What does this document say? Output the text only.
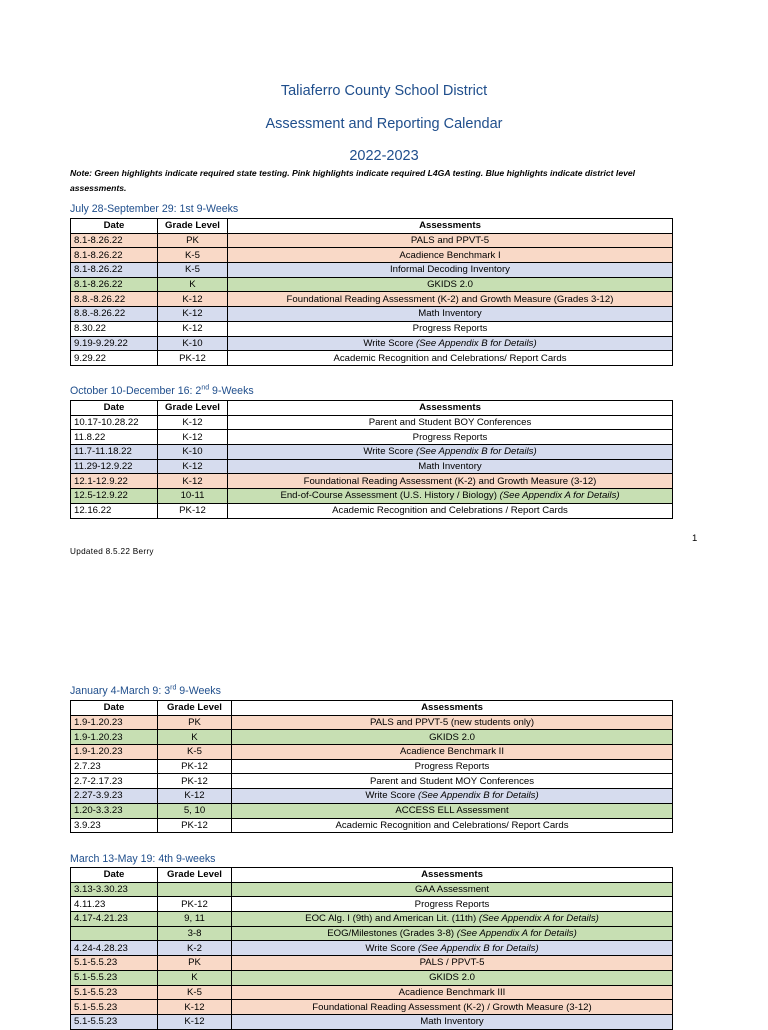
Taliaferro County School District
Assessment and Reporting Calendar
2022-2023
Note: Green highlights indicate required state testing. Pink highlights indicate required L4GA testing. Blue highlights indicate district level assessments.
July 28-September 29: 1st 9-Weeks
October 10-December 16: 2nd 9-Weeks
January 4-March 9: 3rd 9-Weeks
March 13-May 19: 4th 9-weeks
Date	Grade Level	Assessments
8.1-8.26.22	PK	PALS and PPVT-5
8.1-8.26.22	K-5	Acadience Benchmark I
8.1-8.26.22	K-5	Informal Decoding Inventory
8.1-8.26.22	K	GKIDS 2.0
8.8.-8.26.22	K-12	Foundational Reading Assessment (K-2) and Growth Measure (Grades 3-12)
8.8.-8.26.22	K-12	Math Inventory
8.30.22	K-12	Progress Reports
9.19-9.29.22	K-10	Write Score (See Appendix B for Details)
9.29.22	PK-12	Academic Recognition and Celebrations/ Report Cards
Date	Grade Level	Assessments
10.17-10.28.22	K-12	Parent and Student BOY Conferences
11.8.22	K-12	Progress Reports
11.7-11.18.22	K-10	Write Score (See Appendix B for Details)
11.29-12.9.22	K-12	Math Inventory
12.1-12.9.22	K-12	Foundational Reading Assessment (K-2) and Growth Measure (3-12)
12.5-12.9.22	10-11	End-of-Course Assessment (U.S. History / Biology) (See Appendix A for Details)
12.16.22	PK-12	Academic Recognition and Celebrations / Report Cards
Date	Grade Level	Assessments
1.9-1.20.23	PK	PALS and PPVT-5 (new students only)
1.9-1.20.23	K	GKIDS 2.0
1.9-1.20.23	K-5	Acadience Benchmark II
2.7.23	PK-12	Progress Reports
2.7-2.17.23	PK-12	Parent and Student MOY Conferences
2.27-3.9.23	K-12	Write Score (See Appendix B for Details)
1.20-3.3.23	5, 10	ACCESS ELL Assessment
3.9.23	PK-12	Academic Recognition and Celebrations/ Report Cards
Date	Grade Level	Assessments
3.13-3.30.23		GAA Assessment
4.11.23	PK-12	Progress Reports
4.17-4.21.23	9, 11	EOC Alg. I (9th) and American Lit. (11th) (See Appendix A for Details)
	3-8	EOG/Milestones (Grades 3-8) (See Appendix A for Details)
4.24-4.28.23	K-2	Write Score (See Appendix B for Details)
5.1-5.5.23	PK	PALS / PPVT-5
5.1-5.5.23	K	GKIDS 2.0
5.1-5.5.23	K-5	Acadience Benchmark III
5.1-5.5.23	K-12	Foundational Reading Assessment (K-2) / Growth Measure (3-12)
5.1-5.5.23	K-12	Math Inventory
1
Updated 8.5.22 Berry
